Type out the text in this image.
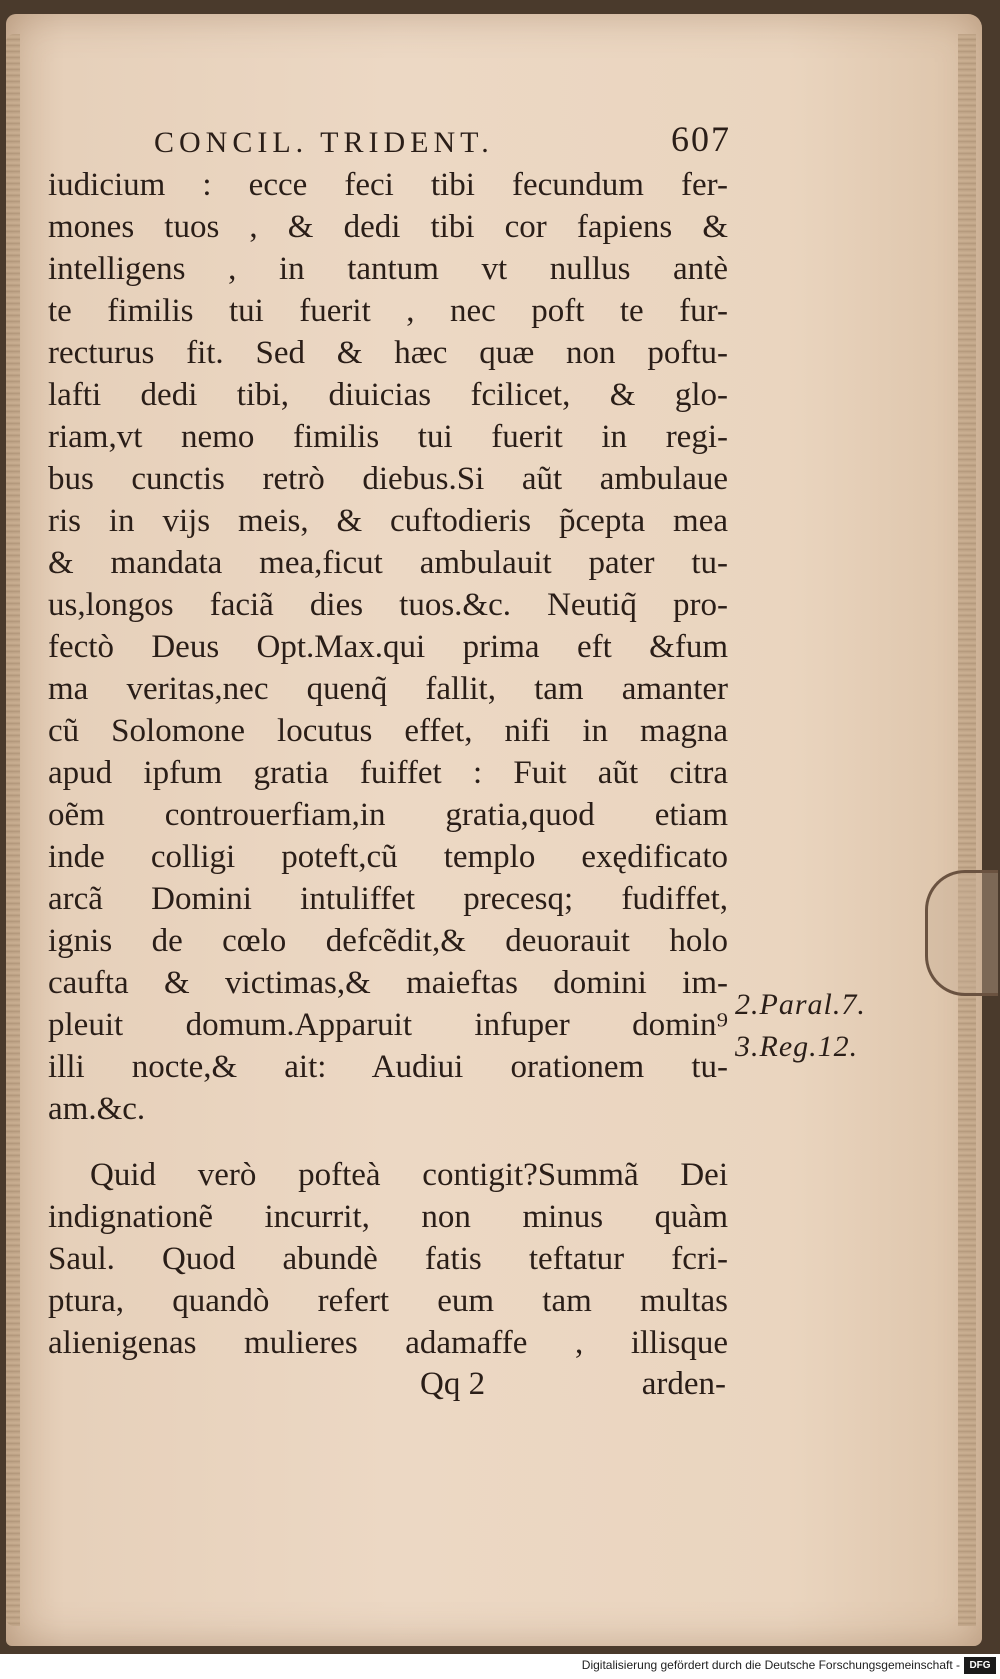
CONCIL. TRIDENT.	607
iudicium : ecce feci tibi fecundum fer-
mones tuos , & dedi tibi cor fapiens &
intelligens , in tantum vt nullus antè
te fimilis tui fuerit , nec poft te fur-
recturus fit. Sed & hæc quæ non poftu-
lafti dedi tibi, diuicias fcilicet, & glo-
riam,vt nemo fimilis tui fuerit in regi-
bus cunctis retrò diebus.Si aũt ambulaue
ris in vijs meis, & cuftodieris p̃cepta mea
& mandata mea,ficut ambulauit pater tu-
us,longos faciã dies tuos.&c. Neutiq̃ pro-
fectò Deus Opt.Max.qui prima eft &fum
ma veritas,nec quenq̃ fallit, tam amanter
cũ Solomone locutus effet, nifi in magna
apud ipfum gratia fuiffet : Fuit aũt citra
oẽm controuerfiam,in gratia,quod etiam
inde colligi poteft,cũ templo exędificato
arcã Domini intuliffet precesq; fudiffet,
ignis de cœlo defcẽdit,& deuorauit holo
caufta & victimas,& maieftas domini im-
pleuit domum.Apparuit infuper domin⁹
illi nocte,& ait: Audiui orationem tu-
am.&c.
Quid verò pofteà contigit?Summã Dei
indignationẽ incurrit, non minus quàm
Saul. Quod abundè fatis teftatur fcri-
ptura, quandò refert eum tam multas
alienigenas mulieres adamaffe , illisque
Qq 2	arden-
2.Paral.7.
3.Reg.12.
Digitalisierung gefördert durch die Deutsche Forschungsgemeinschaft - DFG
